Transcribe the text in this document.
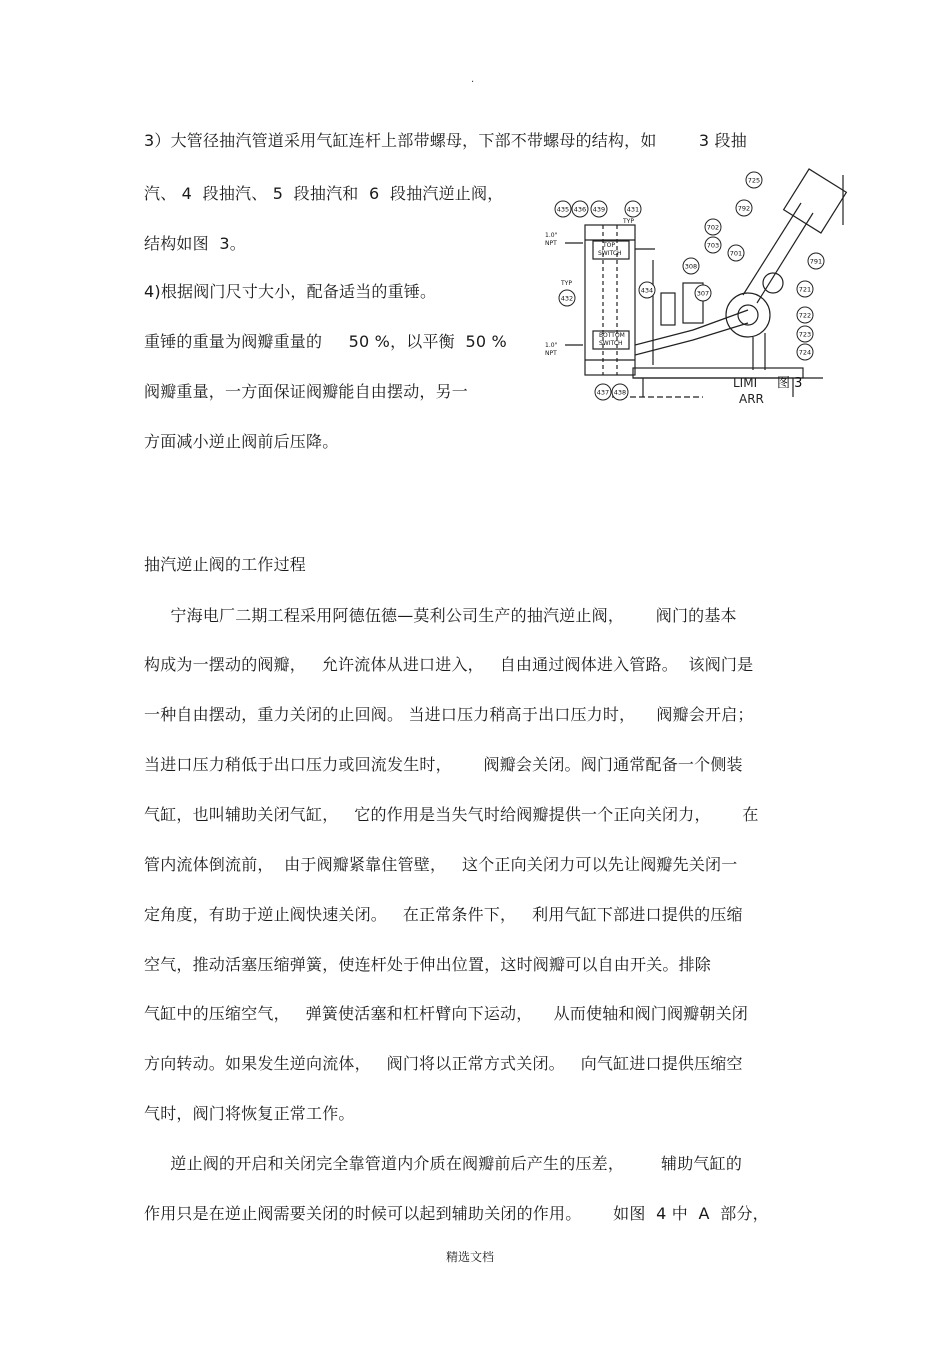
.
3）大管径抽汽管道采用气缸连杆上部带螺母，下部不带螺母的结构，如        3 段抽
汽、 4  段抽汽、 5  段抽汽和  6  段抽汽逆止阀，
结构如图  3。
4)根据阀门尺寸大小，配备适当的重锤。
重锤的重量为阀瓣重量的     50 %，以平衡  50 %
阀瓣重量，一方面保证阀瓣能自由摆动，另一
方面减小逆止阀前后压降。
抽汽逆止阀的工作过程
宁海电厂二期工程采用阿德伍德—莫利公司生产的抽汽逆止阀，      阀门的基本
构成为一摆动的阀瓣，   允许流体从进口进入，   自由通过阀体进入管路。  该阀门是
一种自由摆动，重力关闭的止回阀。 当进口压力稍高于出口压力时，    阀瓣会开启；
当进口压力稍低于出口压力或回流发生时，      阀瓣会关闭。阀门通常配备一个侧装
气缸，也叫辅助关闭气缸，   它的作用是当失气时给阀瓣提供一个正向关闭力，      在
管内流体倒流前，  由于阀瓣紧靠住管壁，   这个正向关闭力可以先让阀瓣先关闭一
定角度，有助于逆止阀快速关闭。   在正常条件下，   利用气缸下部进口提供的压缩
空气，推动活塞压缩弹簧，使连杆处于伸出位置，这时阀瓣可以自由开关。排除
气缸中的压缩空气，   弹簧使活塞和杠杆臂向下运动，    从而使轴和阀门阀瓣朝关闭
方向转动。如果发生逆向流体，   阀门将以正常方式关闭。   向气缸进口提供压缩空
气时，阀门将恢复正常工作。
逆止阀的开启和关闭完全靠管道内介质在阀瓣前后产生的压差，       辅助气缸的
作用只是在逆止阀需要关闭的时候可以起到辅助关闭的作用。      如图  4 中  A  部分，
TOP
SWITCH
BOTTOM
SWITCH
TYP
TYP
1.0"
NPT
1.0"
NPT
LIMI
ARR
图 3
435 436 439	431
432
434
437 438
308
307
702
703
701
725
792
791
721
722
723
724
精选文档
